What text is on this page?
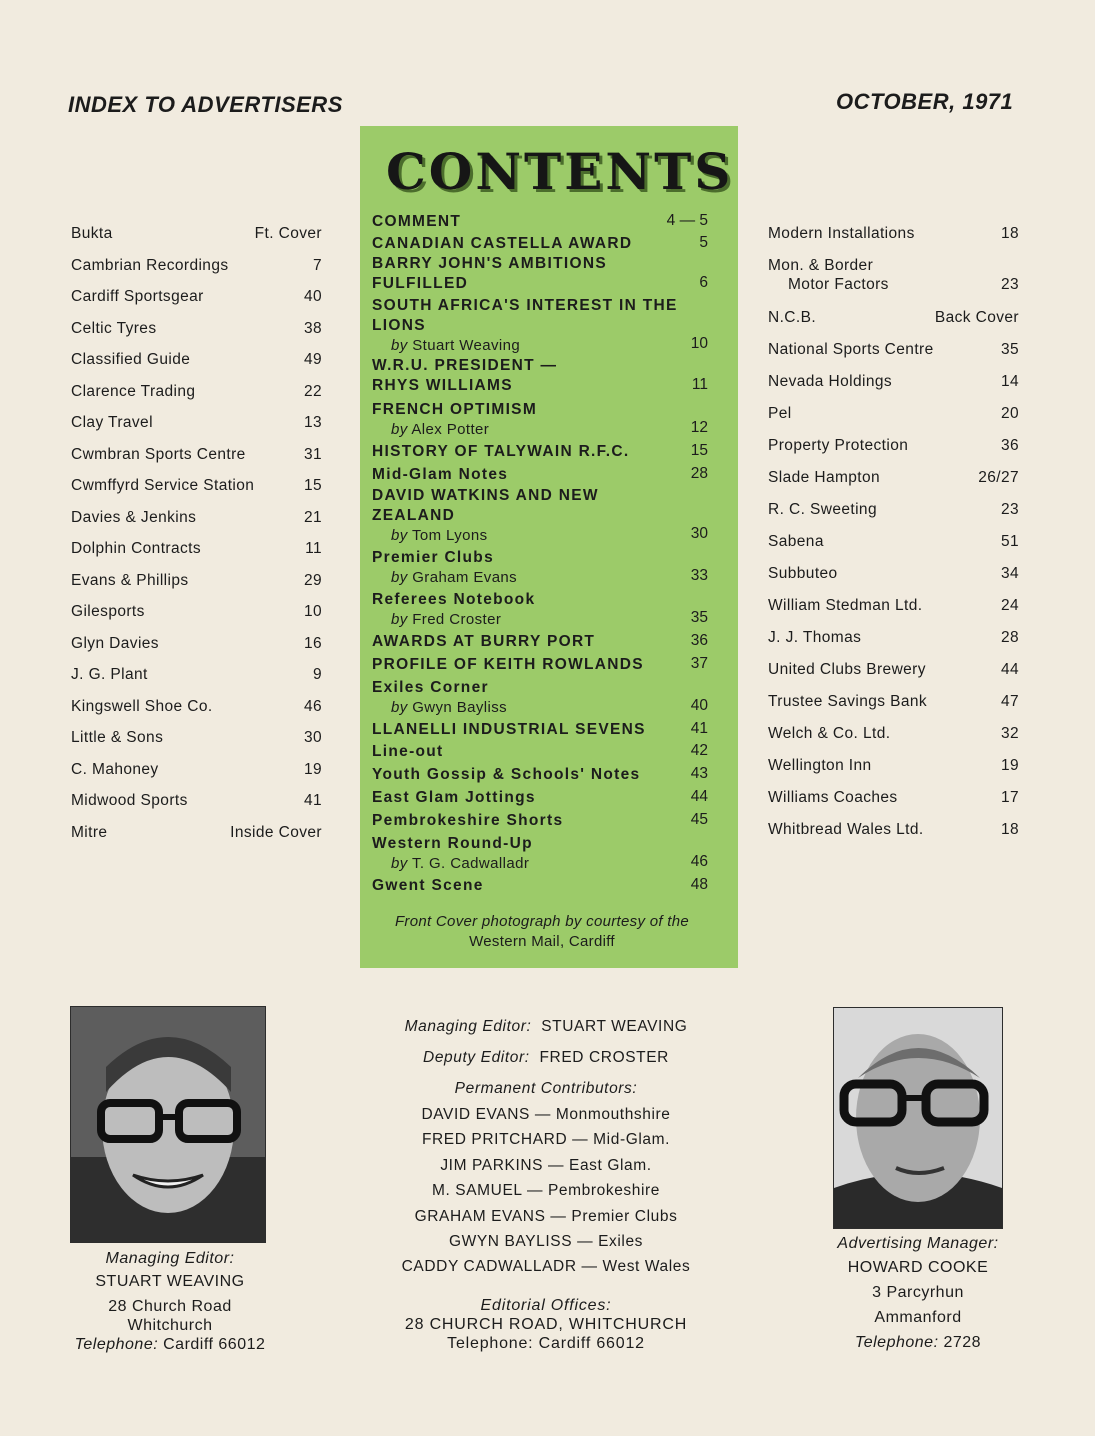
INDEX TO ADVERTISERS	OCTOBER, 1971
Bukta	Ft. Cover
Cambrian Recordings	7
Cardiff Sportsgear	40
Celtic Tyres	38
Classified Guide	49
Clarence Trading	22
Clay Travel	13
Cwmbran Sports Centre	31
Cwmffyrd Service Station	15
Davies & Jenkins	21
Dolphin Contracts	11
Evans & Phillips	29
Gilesports	10
Glyn Davies	16
J. G. Plant	9
Kingswell Shoe Co.	46
Little & Sons	30
C. Mahoney	19
Midwood Sports	41
Mitre	Inside Cover
Modern Installations	18
Mon. & Border
Motor Factors	23
N.C.B.	Back Cover
National Sports Centre	35
Nevada Holdings	14
Pel	20
Property Protection	36
Slade Hampton	26/27
R. C. Sweeting	23
Sabena	51
Subbuteo	34
William Stedman Ltd.	24
J. J. Thomas	28
United Clubs Brewery	44
Trustee Savings Bank	47
Welch & Co. Ltd.	32
Wellington Inn	19
Williams Coaches	17
Whitbread Wales Ltd.	18
CONTENTS
COMMENT	4 — 5
CANADIAN CASTELLA AWARD	5
BARRY JOHN'S AMBITIONS FULFILLED	6
SOUTH AFRICA'S INTEREST IN THE LIONS
by Stuart Weaving	10
W.R.U. PRESIDENT — RHYS WILLIAMS	11
FRENCH OPTIMISM
by Alex Potter	12
HISTORY OF TALYWAIN R.F.C.	15
Mid-Glam Notes	28
DAVID WATKINS AND NEW ZEALAND
by Tom Lyons	30
Premier Clubs
by Graham Evans	33
Referees Notebook
by Fred Croster	35
AWARDS AT BURRY PORT	36
PROFILE OF KEITH ROWLANDS	37
Exiles Corner
by Gwyn Bayliss	40
LLANELLI INDUSTRIAL SEVENS	41
Line-out	42
Youth Gossip & Schools' Notes	43
East Glam Jottings	44
Pembrokeshire Shorts	45
Western Round-Up
by T. G. Cadwalladr	46
Gwent Scene	48
Front Cover photograph by courtesy of the
Western Mail, Cardiff
Managing Editor:
STUART WEAVING
28 Church Road
Whitchurch
Telephone: Cardiff 66012
Advertising Manager:
HOWARD COOKE
3 Parcyrhun
Ammanford
Telephone: 2728
Managing Editor: STUART WEAVING
Deputy Editor: FRED CROSTER
Permanent Contributors:
DAVID EVANS — Monmouthshire
FRED PRITCHARD — Mid-Glam.
JIM PARKINS — East Glam.
M. SAMUEL — Pembrokeshire
GRAHAM EVANS — Premier Clubs
GWYN BAYLISS — Exiles
CADDY CADWALLADR — West Wales
Editorial Offices:
28 CHURCH ROAD, WHITCHURCH
Telephone: Cardiff 66012
